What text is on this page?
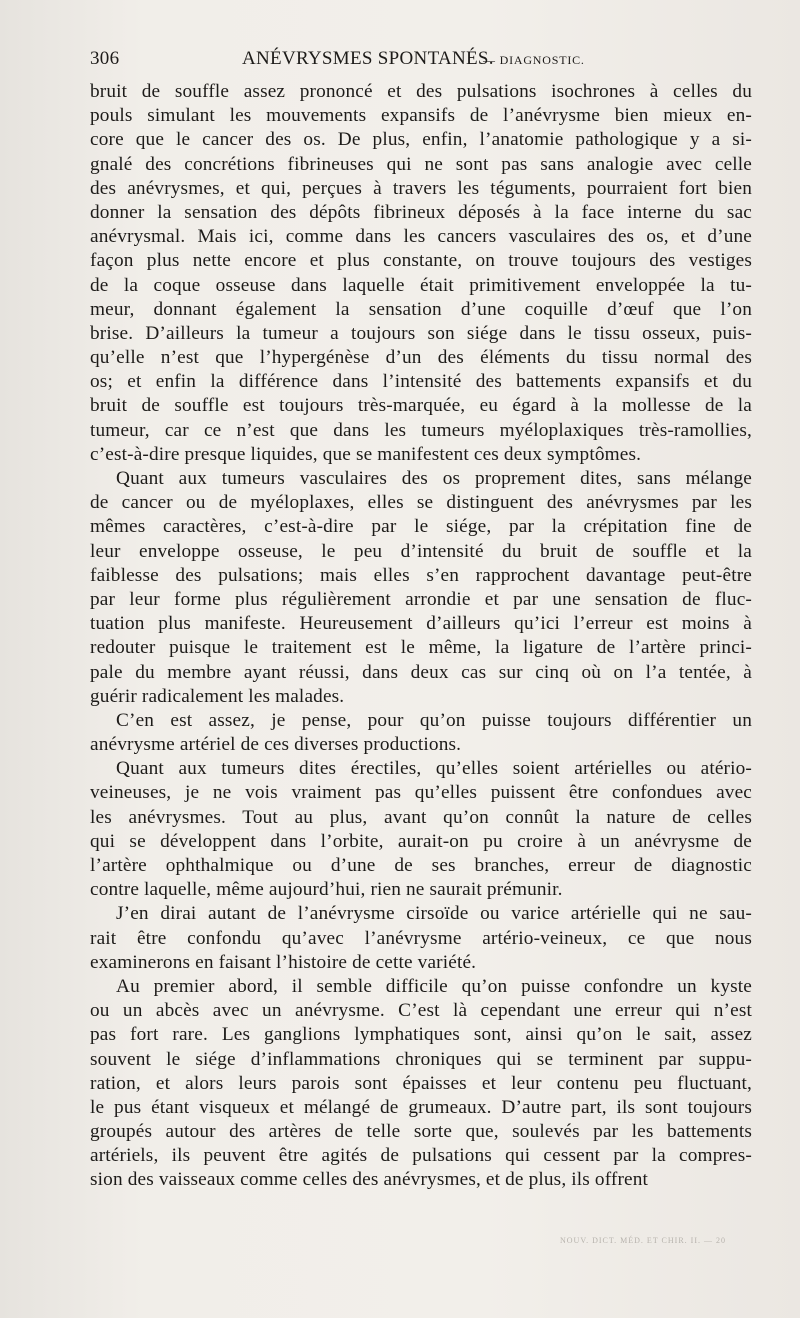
306	ANÉVRYSMES SPONTANÉS.
— DIAGNOSTIC.
bruit de souffle assez prononcé et des pulsations isochrones à celles du
pouls simulant les mouvements expansifs de l’anévrysme bien mieux en-
core que le cancer des os. De plus, enfin, l’anatomie pathologique y a si-
gnalé des concrétions fibrineuses qui ne sont pas sans analogie avec celle
des anévrysmes, et qui, perçues à travers les téguments, pourraient fort bien
donner la sensation des dépôts fibrineux déposés à la face interne du sac
anévrysmal. Mais ici, comme dans les cancers vasculaires des os, et d’une
façon plus nette encore et plus constante, on trouve toujours des vestiges
de la coque osseuse dans laquelle était primitivement enveloppée la tu-
meur, donnant également la sensation d’une coquille d’œuf que l’on
brise. D’ailleurs la tumeur a toujours son siége dans le tissu osseux, puis-
qu’elle n’est que l’hypergénèse d’un des éléments du tissu normal des
os; et enfin la différence dans l’intensité des battements expansifs et du
bruit de souffle est toujours très-marquée, eu égard à la mollesse de la
tumeur, car ce n’est que dans les tumeurs myéloplaxiques très-ramollies,
c’est-à-dire presque liquides, que se manifestent ces deux symptômes.
Quant aux tumeurs vasculaires des os proprement dites, sans mélange
de cancer ou de myéloplaxes, elles se distinguent des anévrysmes par les
mêmes caractères, c’est-à-dire par le siége, par la crépitation fine de
leur enveloppe osseuse, le peu d’intensité du bruit de souffle et la
faiblesse des pulsations; mais elles s’en rapprochent davantage peut-être
par leur forme plus régulièrement arrondie et par une sensation de fluc-
tuation plus manifeste. Heureusement d’ailleurs qu’ici l’erreur est moins à
redouter puisque le traitement est le même, la ligature de l’artère princi-
pale du membre ayant réussi, dans deux cas sur cinq où on l’a tentée, à
guérir radicalement les malades.
C’en est assez, je pense, pour qu’on puisse toujours différentier un
anévrysme artériel de ces diverses productions.
Quant aux tumeurs dites érectiles, qu’elles soient artérielles ou atério-
veineuses, je ne vois vraiment pas qu’elles puissent être confondues avec
les anévrysmes. Tout au plus, avant qu’on connût la nature de celles
qui se développent dans l’orbite, aurait-on pu croire à un anévrysme de
l’artère ophthalmique ou d’une de ses branches, erreur de diagnostic
contre laquelle, même aujourd’hui, rien ne saurait prémunir.
J’en dirai autant de l’anévrysme cirsoïde ou varice artérielle qui ne sau-
rait être confondu qu’avec l’anévrysme artério-veineux, ce que nous
examinerons en faisant l’histoire de cette variété.
Au premier abord, il semble difficile qu’on puisse confondre un kyste
ou un abcès avec un anévrysme. C’est là cependant une erreur qui n’est
pas fort rare. Les ganglions lymphatiques sont, ainsi qu’on le sait, assez
souvent le siége d’inflammations chroniques qui se terminent par suppu-
ration, et alors leurs parois sont épaisses et leur contenu peu fluctuant,
le pus étant visqueux et mélangé de grumeaux. D’autre part, ils sont toujours
groupés autour des artères de telle sorte que, soulevés par les battements
artériels, ils peuvent être agités de pulsations qui cessent par la compres-
sion des vaisseaux comme celles des anévrysmes, et de plus, ils offrent
NOUV. DICT. MÉD. ET CHIR. II. — 20
